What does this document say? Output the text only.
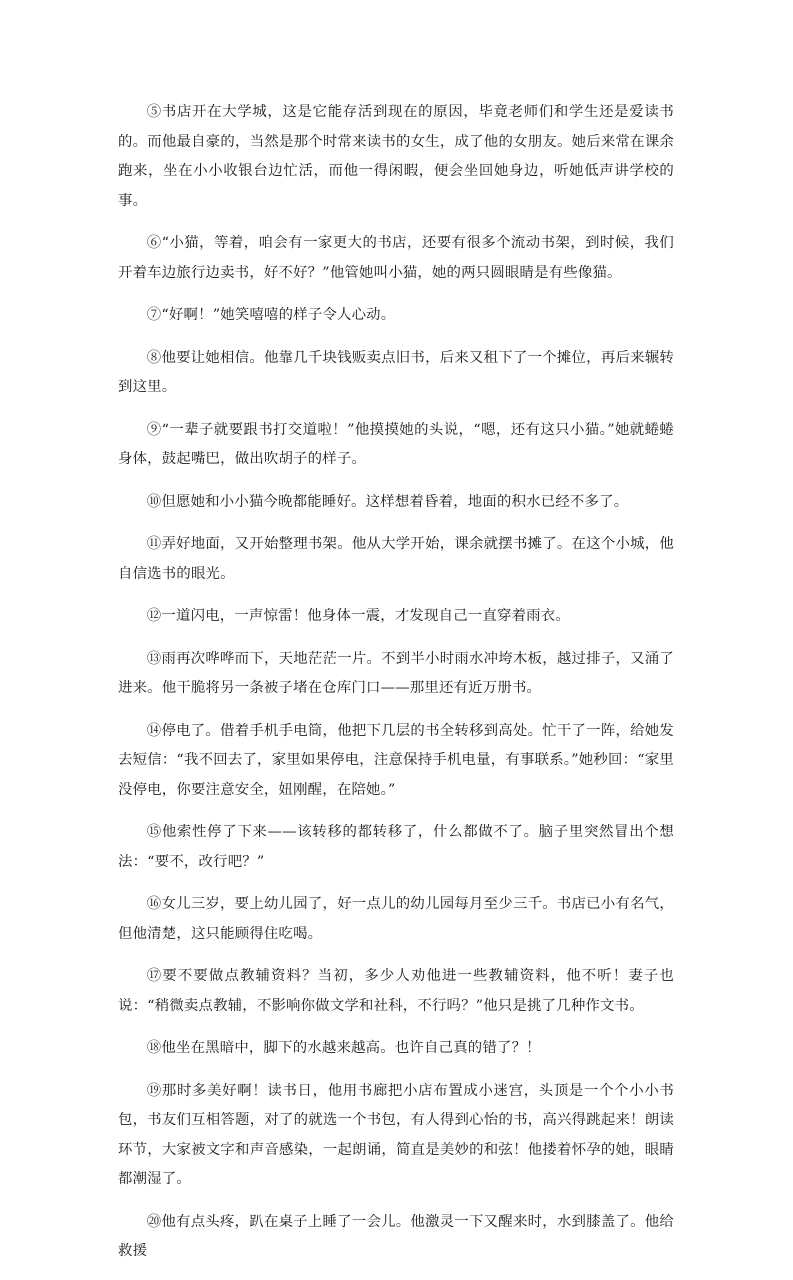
⑤书店开在大学城，这是它能存活到现在的原因，毕竟老师们和学生还是爱读书的。而他最自豪的，当然是那个时常来读书的女生，成了他的女朋友。她后来常在课余跑来，坐在小小收银台边忙活，而他一得闲暇，便会坐回她身边，听她低声讲学校的事。

⑥“小猫，等着，咱会有一家更大的书店，还要有很多个流动书架，到时候，我们开着车边旅行边卖书，好不好？”他管她叫小猫，她的两只圆眼睛是有些像猫。

⑦“好啊！”她笑嘻嘻的样子令人心动。

⑧他要让她相信。他靠几千块钱贩卖点旧书，后来又租下了一个摊位，再后来辗转到这里。

⑨“一辈子就要跟书打交道啦！”他摸摸她的头说，“嗯，还有这只小猫。”她就蜷蜷身体，鼓起嘴巴，做出吹胡子的样子。

⑩但愿她和小小猫今晚都能睡好。这样想着昏着，地面的积水已经不多了。

⑪弄好地面，又开始整理书架。他从大学开始，课余就摆书摊了。在这个小城，他自信选书的眼光。

⑫一道闪电，一声惊雷！他身体一震，才发现自己一直穿着雨衣。

⑬雨再次哗哗而下，天地茫茫一片。不到半小时雨水冲垮木板，越过排子，又涌了进来。他干脆将另一条被子堵在仓库门口——那里还有近万册书。

⑭停电了。借着手机手电筒，他把下几层的书全转移到高处。忙干了一阵，给她发去短信：“我不回去了，家里如果停电，注意保持手机电量，有事联系。”她秒回：“家里没停电，你要注意安全，妞刚醒，在陪她。”

⑮他索性停了下来——该转移的都转移了，什么都做不了。脑子里突然冒出个想法：“要不，改行吧？”

⑯女儿三岁，要上幼儿园了，好一点儿的幼儿园每月至少三千。书店已小有名气，但他清楚，这只能顾得住吃喝。

⑰要不要做点教辅资料？当初，多少人劝他进一些教辅资料，他不听！妻子也说：“稍微卖点教辅，不影响你做文学和社科，不行吗？”他只是挑了几种作文书。

⑱他坐在黑暗中，脚下的水越来越高。也许自己真的错了？！

⑲那时多美好啊！读书日，他用书廊把小店布置成小迷宫，头顶是一个个小小书包，书友们互相答题，对了的就选一个书包，有人得到心怡的书，高兴得跳起来！朗读环节，大家被文字和声音感染，一起朗诵，简直是美妙的和弦！他搂着怀孕的她，眼睛都潮湿了。

⑳他有点头疼，趴在桌子上睡了一会儿。他激灵一下又醒来时，水到膝盖了。他给救援
